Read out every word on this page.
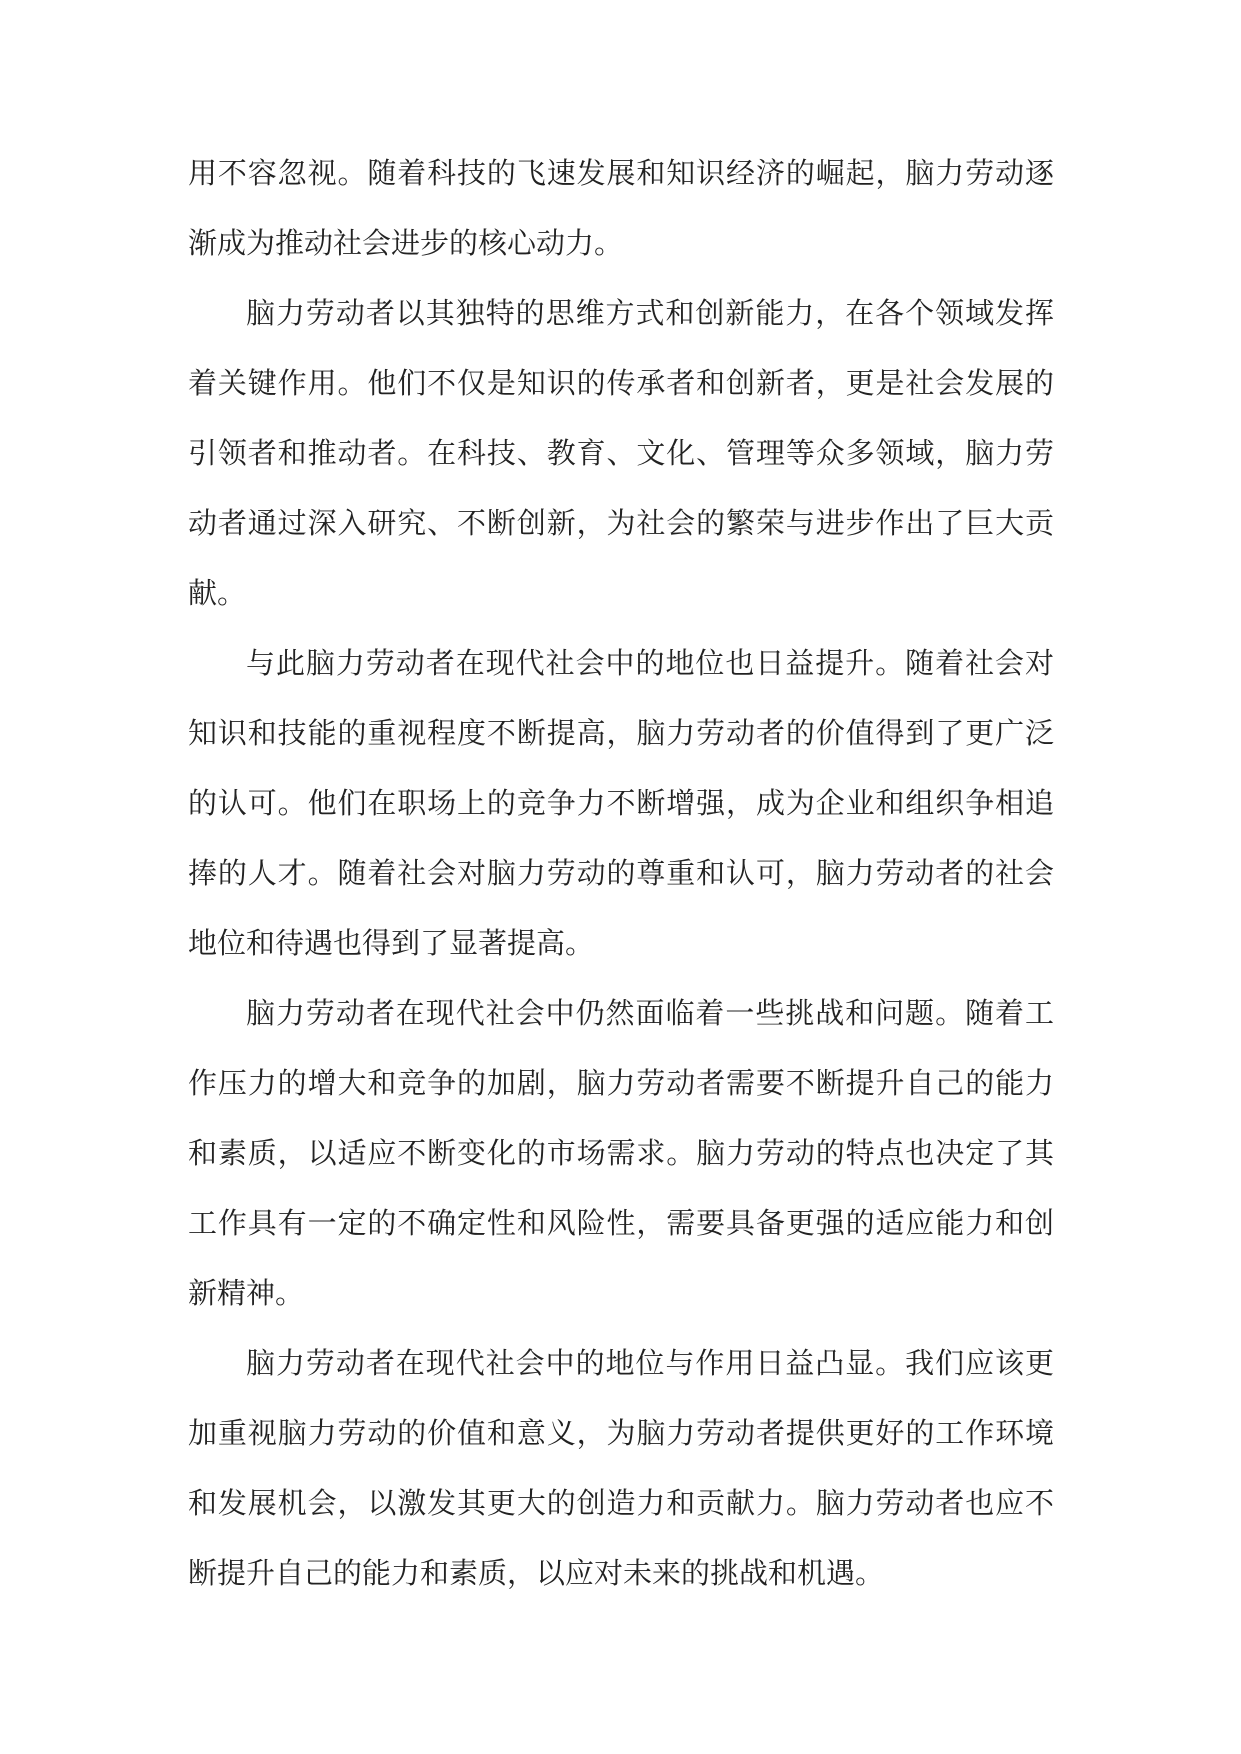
用不容忽视。随着科技的飞速发展和知识经济的崛起，脑力劳动逐渐成为推动社会进步的核心动力。

脑力劳动者以其独特的思维方式和创新能力，在各个领域发挥着关键作用。他们不仅是知识的传承者和创新者，更是社会发展的引领者和推动者。在科技、教育、文化、管理等众多领域，脑力劳动者通过深入研究、不断创新，为社会的繁荣与进步作出了巨大贡献。

与此脑力劳动者在现代社会中的地位也日益提升。随着社会对知识和技能的重视程度不断提高，脑力劳动者的价值得到了更广泛的认可。他们在职场上的竞争力不断增强，成为企业和组织争相追捧的人才。随着社会对脑力劳动的尊重和认可，脑力劳动者的社会地位和待遇也得到了显著提高。

脑力劳动者在现代社会中仍然面临着一些挑战和问题。随着工作压力的增大和竞争的加剧，脑力劳动者需要不断提升自己的能力和素质，以适应不断变化的市场需求。脑力劳动的特点也决定了其工作具有一定的不确定性和风险性，需要具备更强的适应能力和创新精神。

脑力劳动者在现代社会中的地位与作用日益凸显。我们应该更加重视脑力劳动的价值和意义，为脑力劳动者提供更好的工作环境和发展机会，以激发其更大的创造力和贡献力。脑力劳动者也应不断提升自己的能力和素质，以应对未来的挑战和机遇。
